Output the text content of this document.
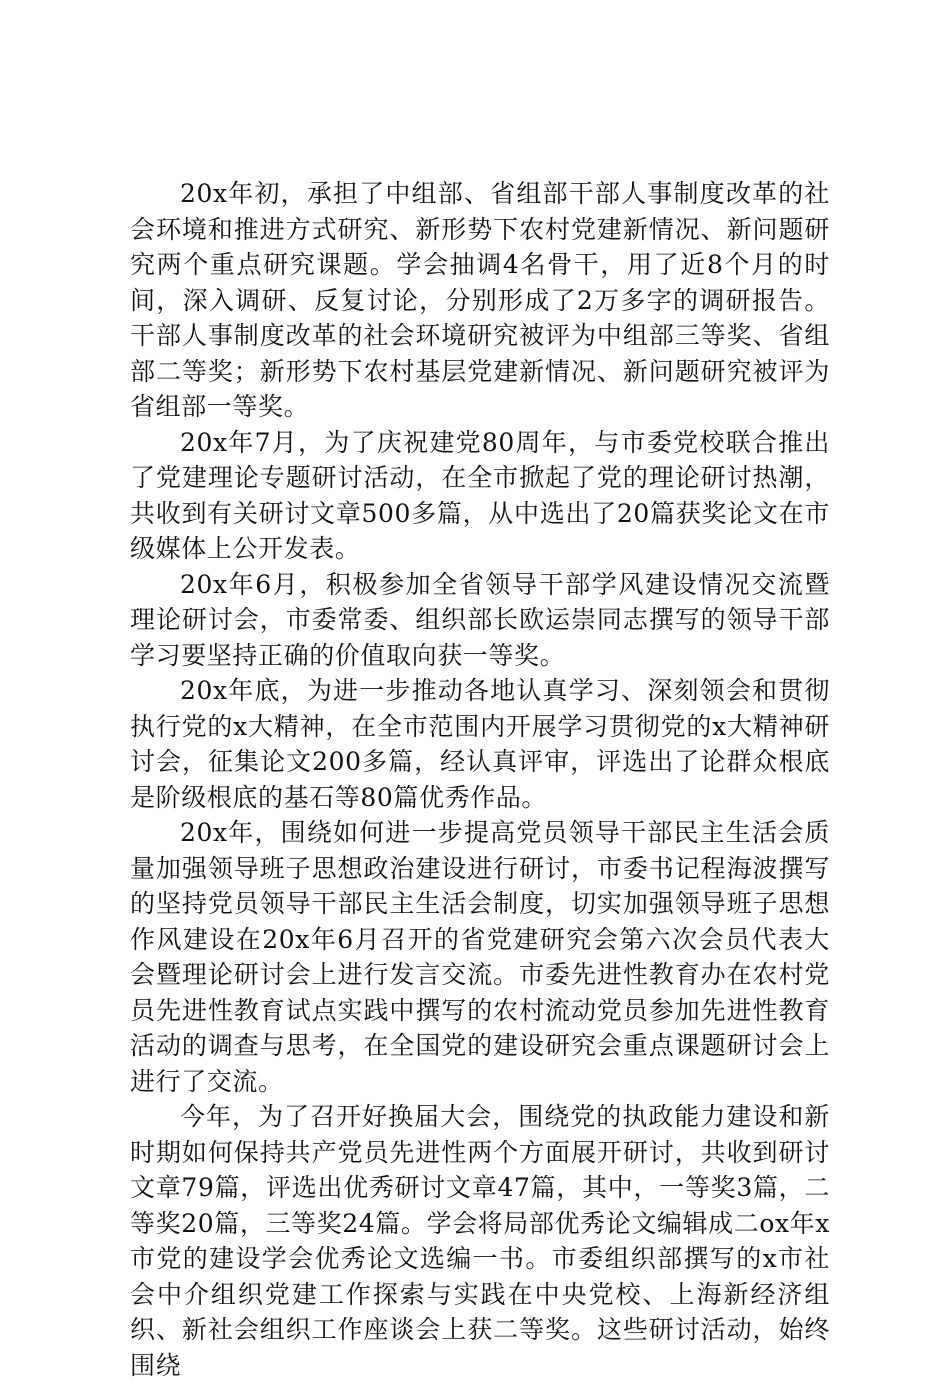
20x年初，承担了中组部、省组部干部人事制度改革的社会环境和推进方式研究、新形势下农村党建新情况、新问题研究两个重点研究课题。学会抽调4名骨干，用了近8个月的时间，深入调研、反复讨论，分别形成了2万多字的调研报告。干部人事制度改革的社会环境研究被评为中组部三等奖、省组部二等奖；新形势下农村基层党建新情况、新问题研究被评为省组部一等奖。

20x年7月，为了庆祝建党80周年，与市委党校联合推出了党建理论专题研讨活动，在全市掀起了党的理论研讨热潮，共收到有关研讨文章500多篇，从中选出了20篇获奖论文在市级媒体上公开发表。

20x年6月，积极参加全省领导干部学风建设情况交流暨理论研讨会，市委常委、组织部长欧运崇同志撰写的领导干部学习要坚持正确的价值取向获一等奖。

20x年底，为进一步推动各地认真学习、深刻领会和贯彻执行党的x大精神，在全市范围内开展学习贯彻党的x大精神研讨会，征集论文200多篇，经认真评审，评选出了论群众根底是阶级根底的基石等80篇优秀作品。

20x年，围绕如何进一步提高党员领导干部民主生活会质量加强领导班子思想政治建设进行研讨，市委书记程海波撰写的坚持党员领导干部民主生活会制度，切实加强领导班子思想作风建设在20x年6月召开的省党建研究会第六次会员代表大会暨理论研讨会上进行发言交流。市委先进性教育办在农村党员先进性教育试点实践中撰写的农村流动党员参加先进性教育活动的调查与思考，在全国党的建设研究会重点课题研讨会上进行了交流。

今年，为了召开好换届大会，围绕党的执政能力建设和新时期如何保持共产党员先进性两个方面展开研讨，共收到研讨文章79篇，评选出优秀研讨文章47篇，其中，一等奖3篇，二等奖20篇，三等奖24篇。学会将局部优秀论文编辑成二ox年x市党的建设学会优秀论文选编一书。市委组织部撰写的x市社会中介组织党建工作探索与实践在中央党校、上海新经济组织、新社会组织工作座谈会上获二等奖。这些研讨活动，始终围绕
